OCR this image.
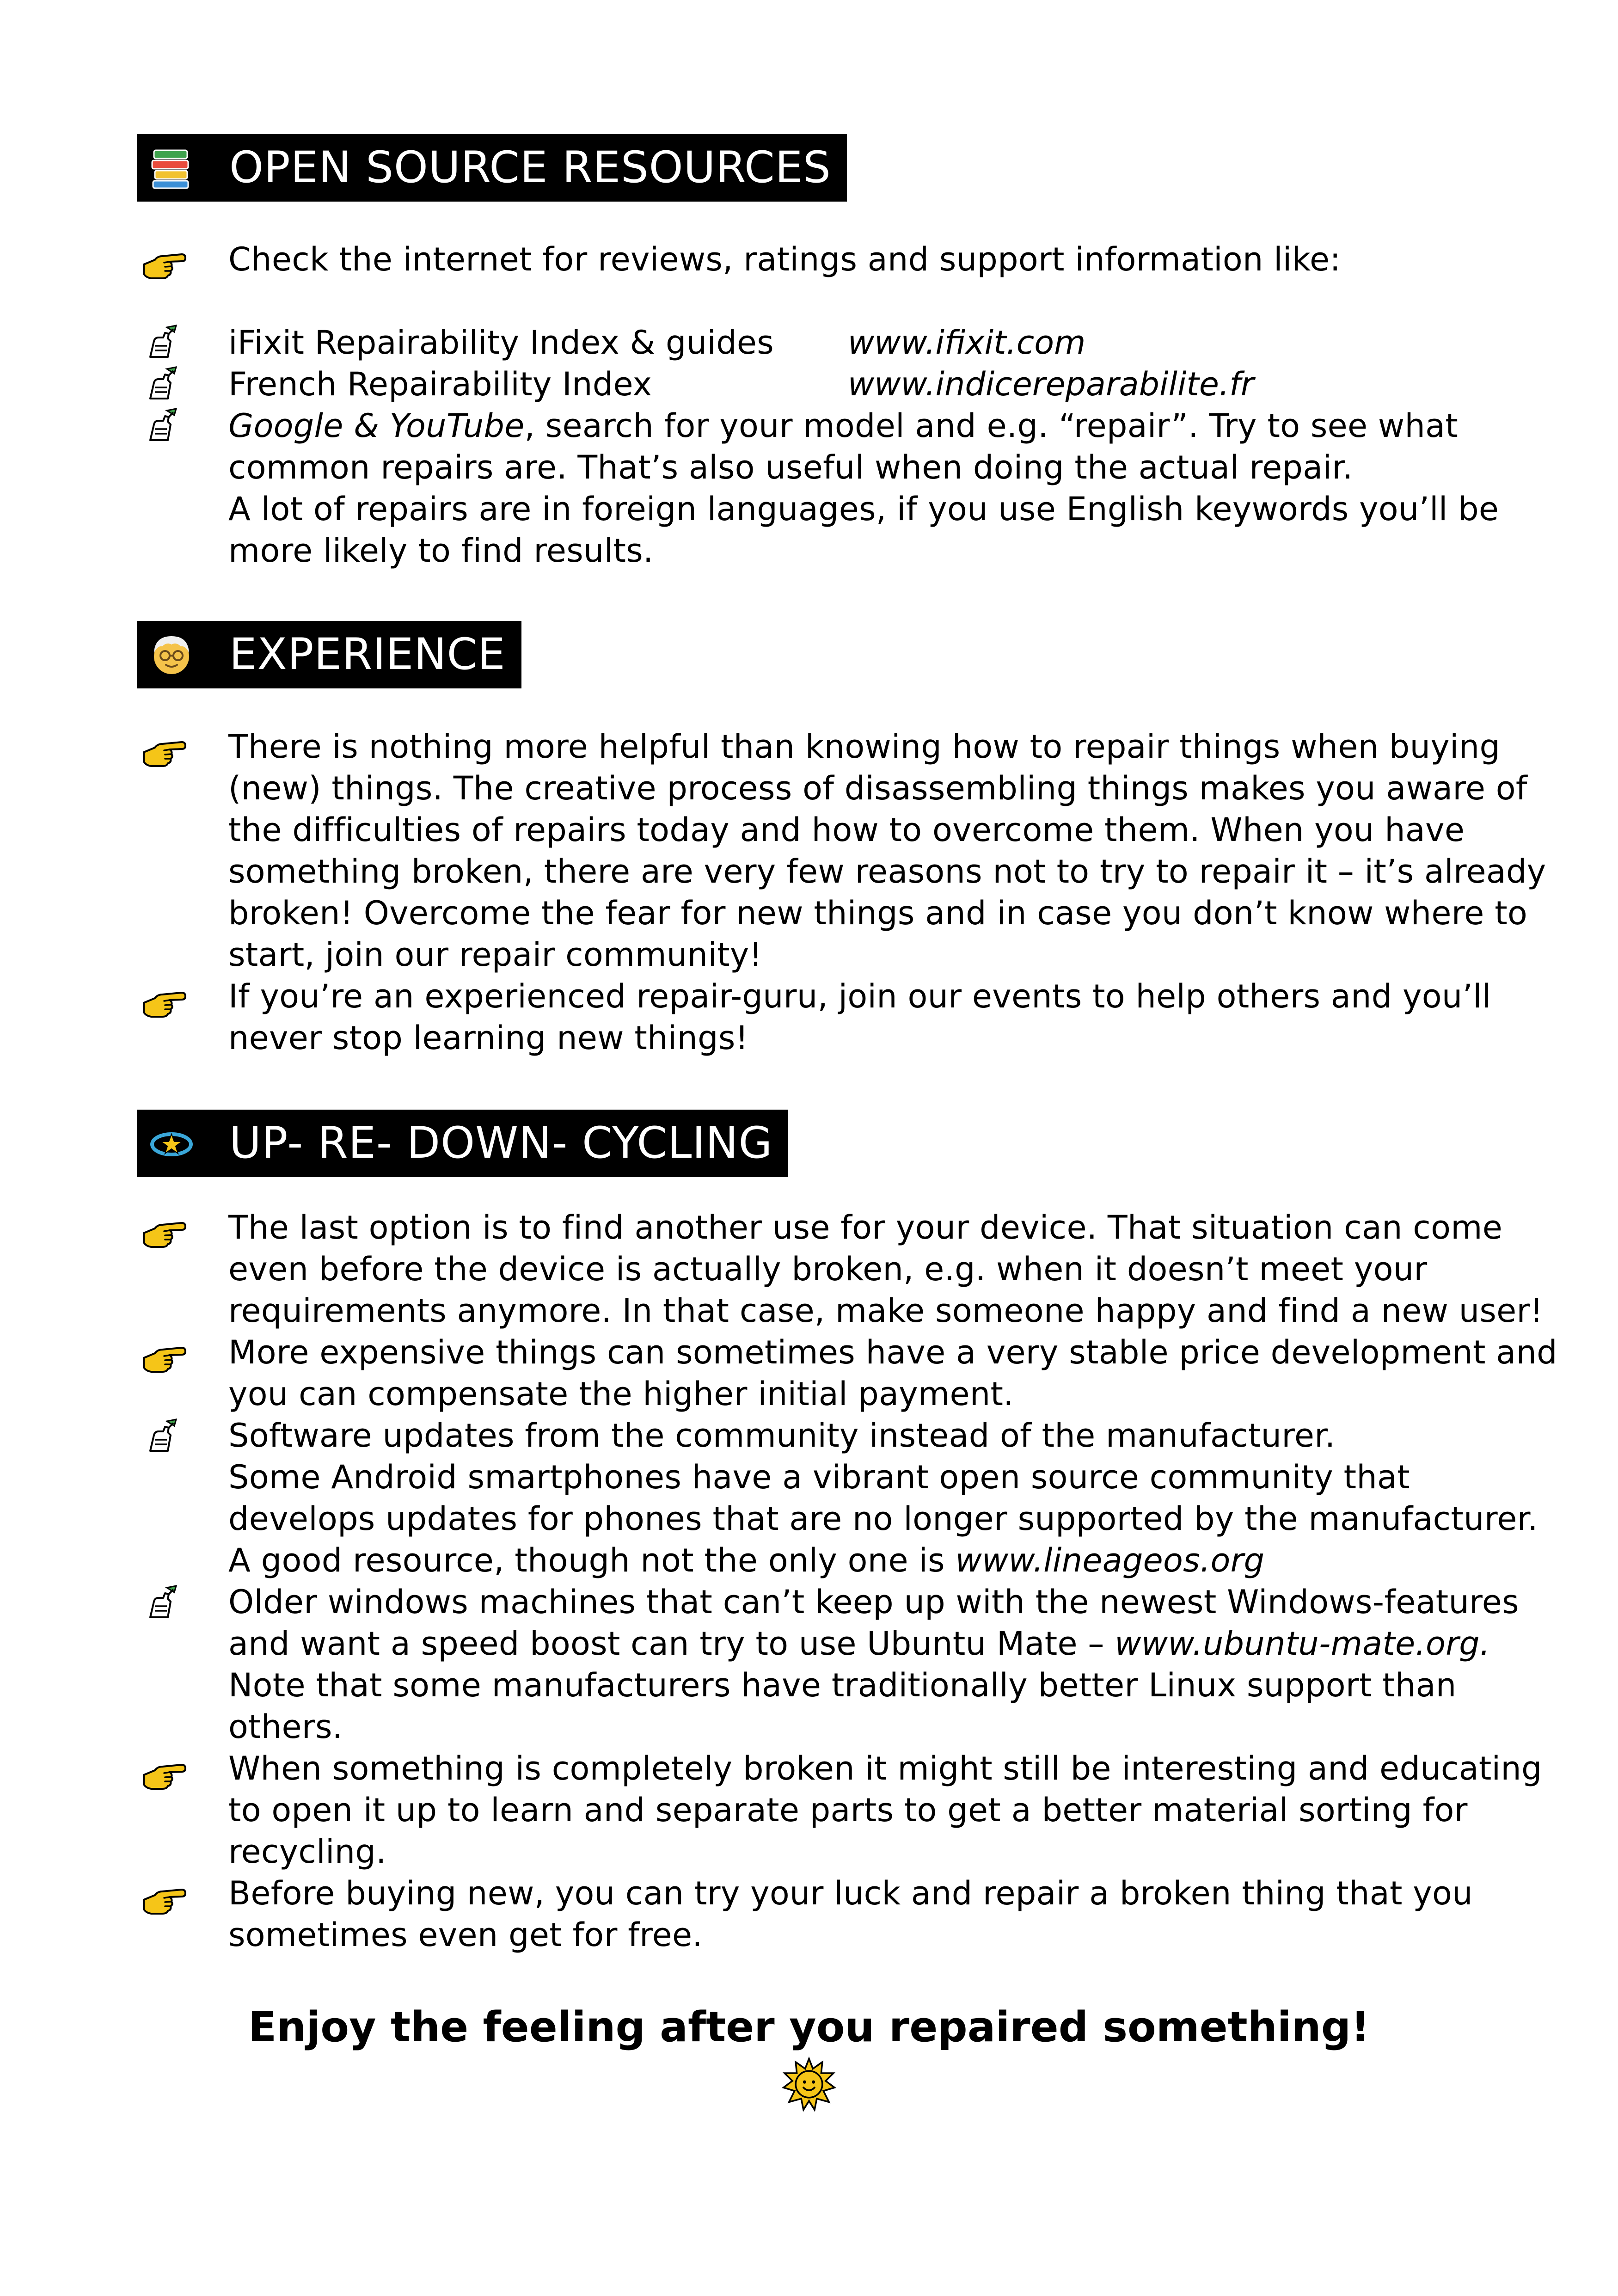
OPEN SOURCE RESOURCES
Check the internet for reviews, ratings and support information like:
iFixit Repairability Index & guides www.ifixit.com
French Repairability Index	www.indicereparabilite.fr
Google & YouTube, search for your model and e.g. “repair”. Try to see what
common repairs are. That’s also useful when doing the actual repair.
A lot of repairs are in foreign languages, if you use English keywords you’ll be
more likely to find results.
EXPERIENCE
There is nothing more helpful than knowing how to repair things when buying
(new) things. The creative process of disassembling things makes you aware of
the difficulties of repairs today and how to overcome them. When you have
something broken, there are very few reasons not to try to repair it – it’s already
broken! Overcome the fear for new things and in case you don’t know where to
start, join our repair community!
If you’re an experienced repair-guru, join our events to help others and you’ll
never stop learning new things!
UP- RE- DOWN- CYCLING
The last option is to find another use for your device. That situation can come
even before the device is actually broken, e.g. when it doesn’t meet your
requirements anymore. In that case, make someone happy and find a new user!
More expensive things can sometimes have a very stable price development and
you can compensate the higher initial payment.
Software updates from the community instead of the manufacturer.
Some Android smartphones have a vibrant open source community that
develops updates for phones that are no longer supported by the manufacturer.
A good resource, though not the only one is www.lineageos.org
Older windows machines that can’t keep up with the newest Windows-features
and want a speed boost can try to use Ubuntu Mate – www.ubuntu-mate.org.
Note that some manufacturers have traditionally better Linux support than
others.
When something is completely broken it might still be interesting and educating
to open it up to learn and separate parts to get a better material sorting for
recycling.
Before buying new, you can try your luck and repair a broken thing that you
sometimes even get for free.
Enjoy the feeling after you repaired something!
